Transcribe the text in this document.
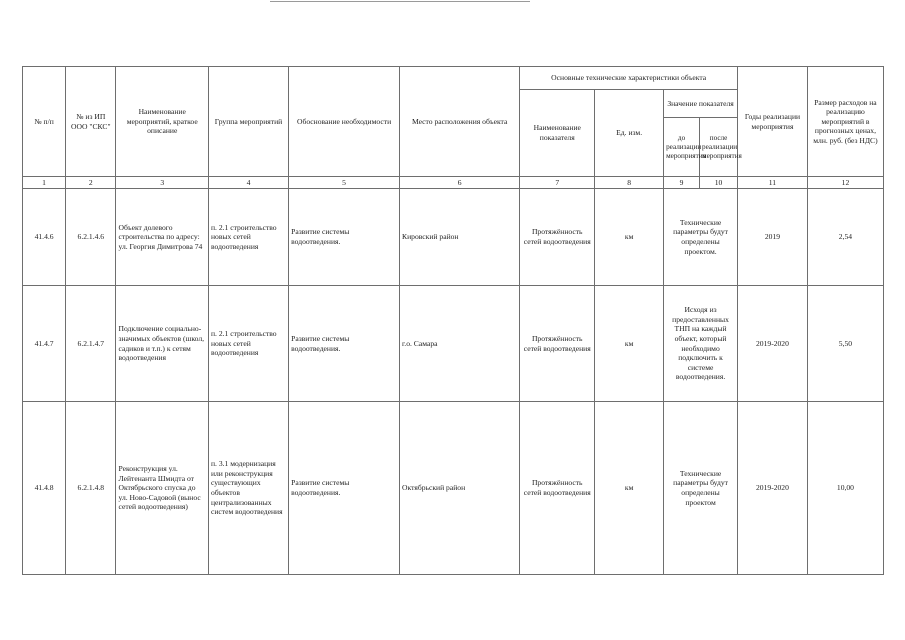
№ п/п	№ из ИП ООО "СКС"	Наименование мероприятий, краткое описание	Группа мероприятий	Обоснование необходимости	Место расположения объекта	Основные технические характеристики объекта				Годы реализации мероприятия	Размер расходов на реализацию мероприятий в прогнозных ценах, млн. руб. (без НДС)
						Наименование показателя	Ед. изм.	Значение показателя			
								до реализации мероприятия	после реализации мероприятия		
1	2	3	4	5	6	7	8	9	10	11	12
41.4.6	6.2.1.4.6	Объект долевого строительства по адресу: ул. Георгия Димитрова 74	п. 2.1 строительство новых сетей водоотведения	Развитие системы водоотведения.	Кировский район	Протяжённость сетей водоотведения	км	Технические параметры будут определены проектом.		2019	2,54
41.4.7	6.2.1.4.7	Подключение социально-значимых объектов (школ, садиков и т.п.) к сетям водоотведения	п. 2.1 строительство новых сетей водоотведения	Развитие системы водоотведения.	г.о. Самара	Протяжённость сетей водоотведения	км	Исходя из предоставленных ТНП на каждый объект, который необходимо подключить к системе водоотведения.		2019-2020	5,50
41.4.8	6.2.1.4.8	Реконструкция ул. Лейтенанта Шмидта от Октябрьского спуска до ул. Ново-Садовой (вынос сетей водоотведения)	п. 3.1 модернизация или реконструкция существующих объектов централизованных систем водоотведения	Развитие системы водоотведения.	Октябрьский район	Протяжённость сетей водоотведения	км	Технические параметры будут определены проектом		2019-2020	10,00
